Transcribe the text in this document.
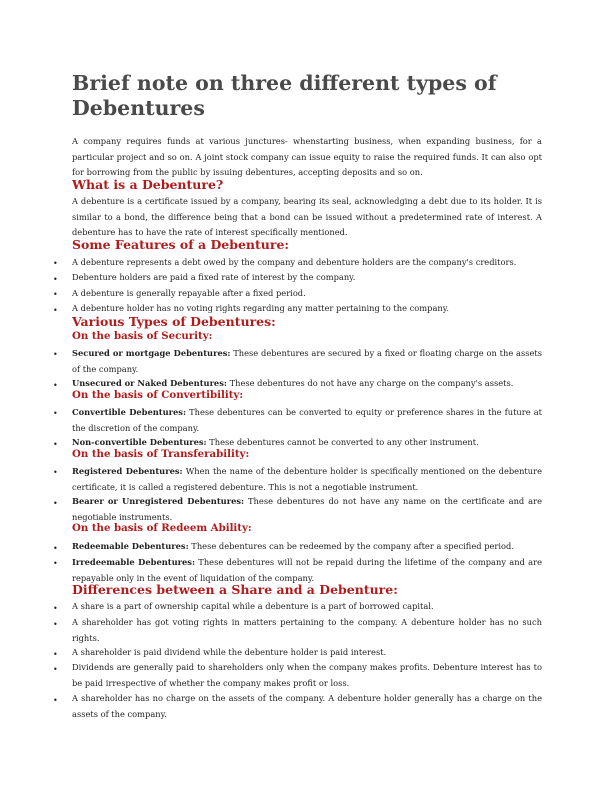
Brief note on three different types of Debentures

A company requires funds at various junctures- whenstarting business, when expanding business, for a particular project and so on. A joint stock company can issue equity to raise the required funds. It can also opt for borrowing from the public by issuing debentures, accepting deposits and so on.

What is a Debenture?

A debenture is a certificate issued by a company, bearing its seal, acknowledging a debt due to its holder. It is similar to a bond, the difference being that a bond can be issued without a predetermined rate of interest. A debenture has to have the rate of interest specifically mentioned.

Some Features of a Debenture:
•

A debenture represents a debt owed by the company and debenture holders are the company's creditors.

•

Debenture holders are paid a fixed rate of interest by the company.

•

A debenture is generally repayable after a fixed period.

•

A debenture holder has no voting rights regarding any matter pertaining to the company.

Various Types of Debentures:
On the basis of Security:
•

Secured or mortgage Debentures: These debentures are secured by a fixed or floating charge on the assets of the company.

•

Unsecured or Naked Debentures: These debentures do not have any charge on the company's assets.

On the basis of Convertibility:
•

Convertible Debentures: These debentures can be converted to equity or preference shares in the future at the discretion of the company.

•

Non-convertible Debentures: These debentures cannot be converted to any other instrument.

On the basis of Transferability:
•

Registered Debentures: When the name of the debenture holder is specifically mentioned on the debenture certificate, it is called a registered debenture. This is not a negotiable instrument.

•

Bearer or Unregistered Debentures: These debentures do not have any name on the certificate and are negotiable instruments.

On the basis of Redeem Ability:
•

Redeemable Debentures: These debentures can be redeemed by the company after a specified period.

•

Irredeemable Debentures: These debentures will not be repaid during the lifetime of the company and are repayable only in the event of liquidation of the company.

Differences between a Share and a Debenture:
•

A share is a part of ownership capital while a debenture is a part of borrowed capital.

•

A shareholder has got voting rights in matters pertaining to the company. A debenture holder has no such rights.

•

A shareholder is paid dividend while the debenture holder is paid interest.

•

Dividends are generally paid to shareholders only when the company makes profits. Debenture interest has to be paid irrespective of whether the company makes profit or loss.

•

A shareholder has no charge on the assets of the company. A debenture holder generally has a charge on the assets of the company.
